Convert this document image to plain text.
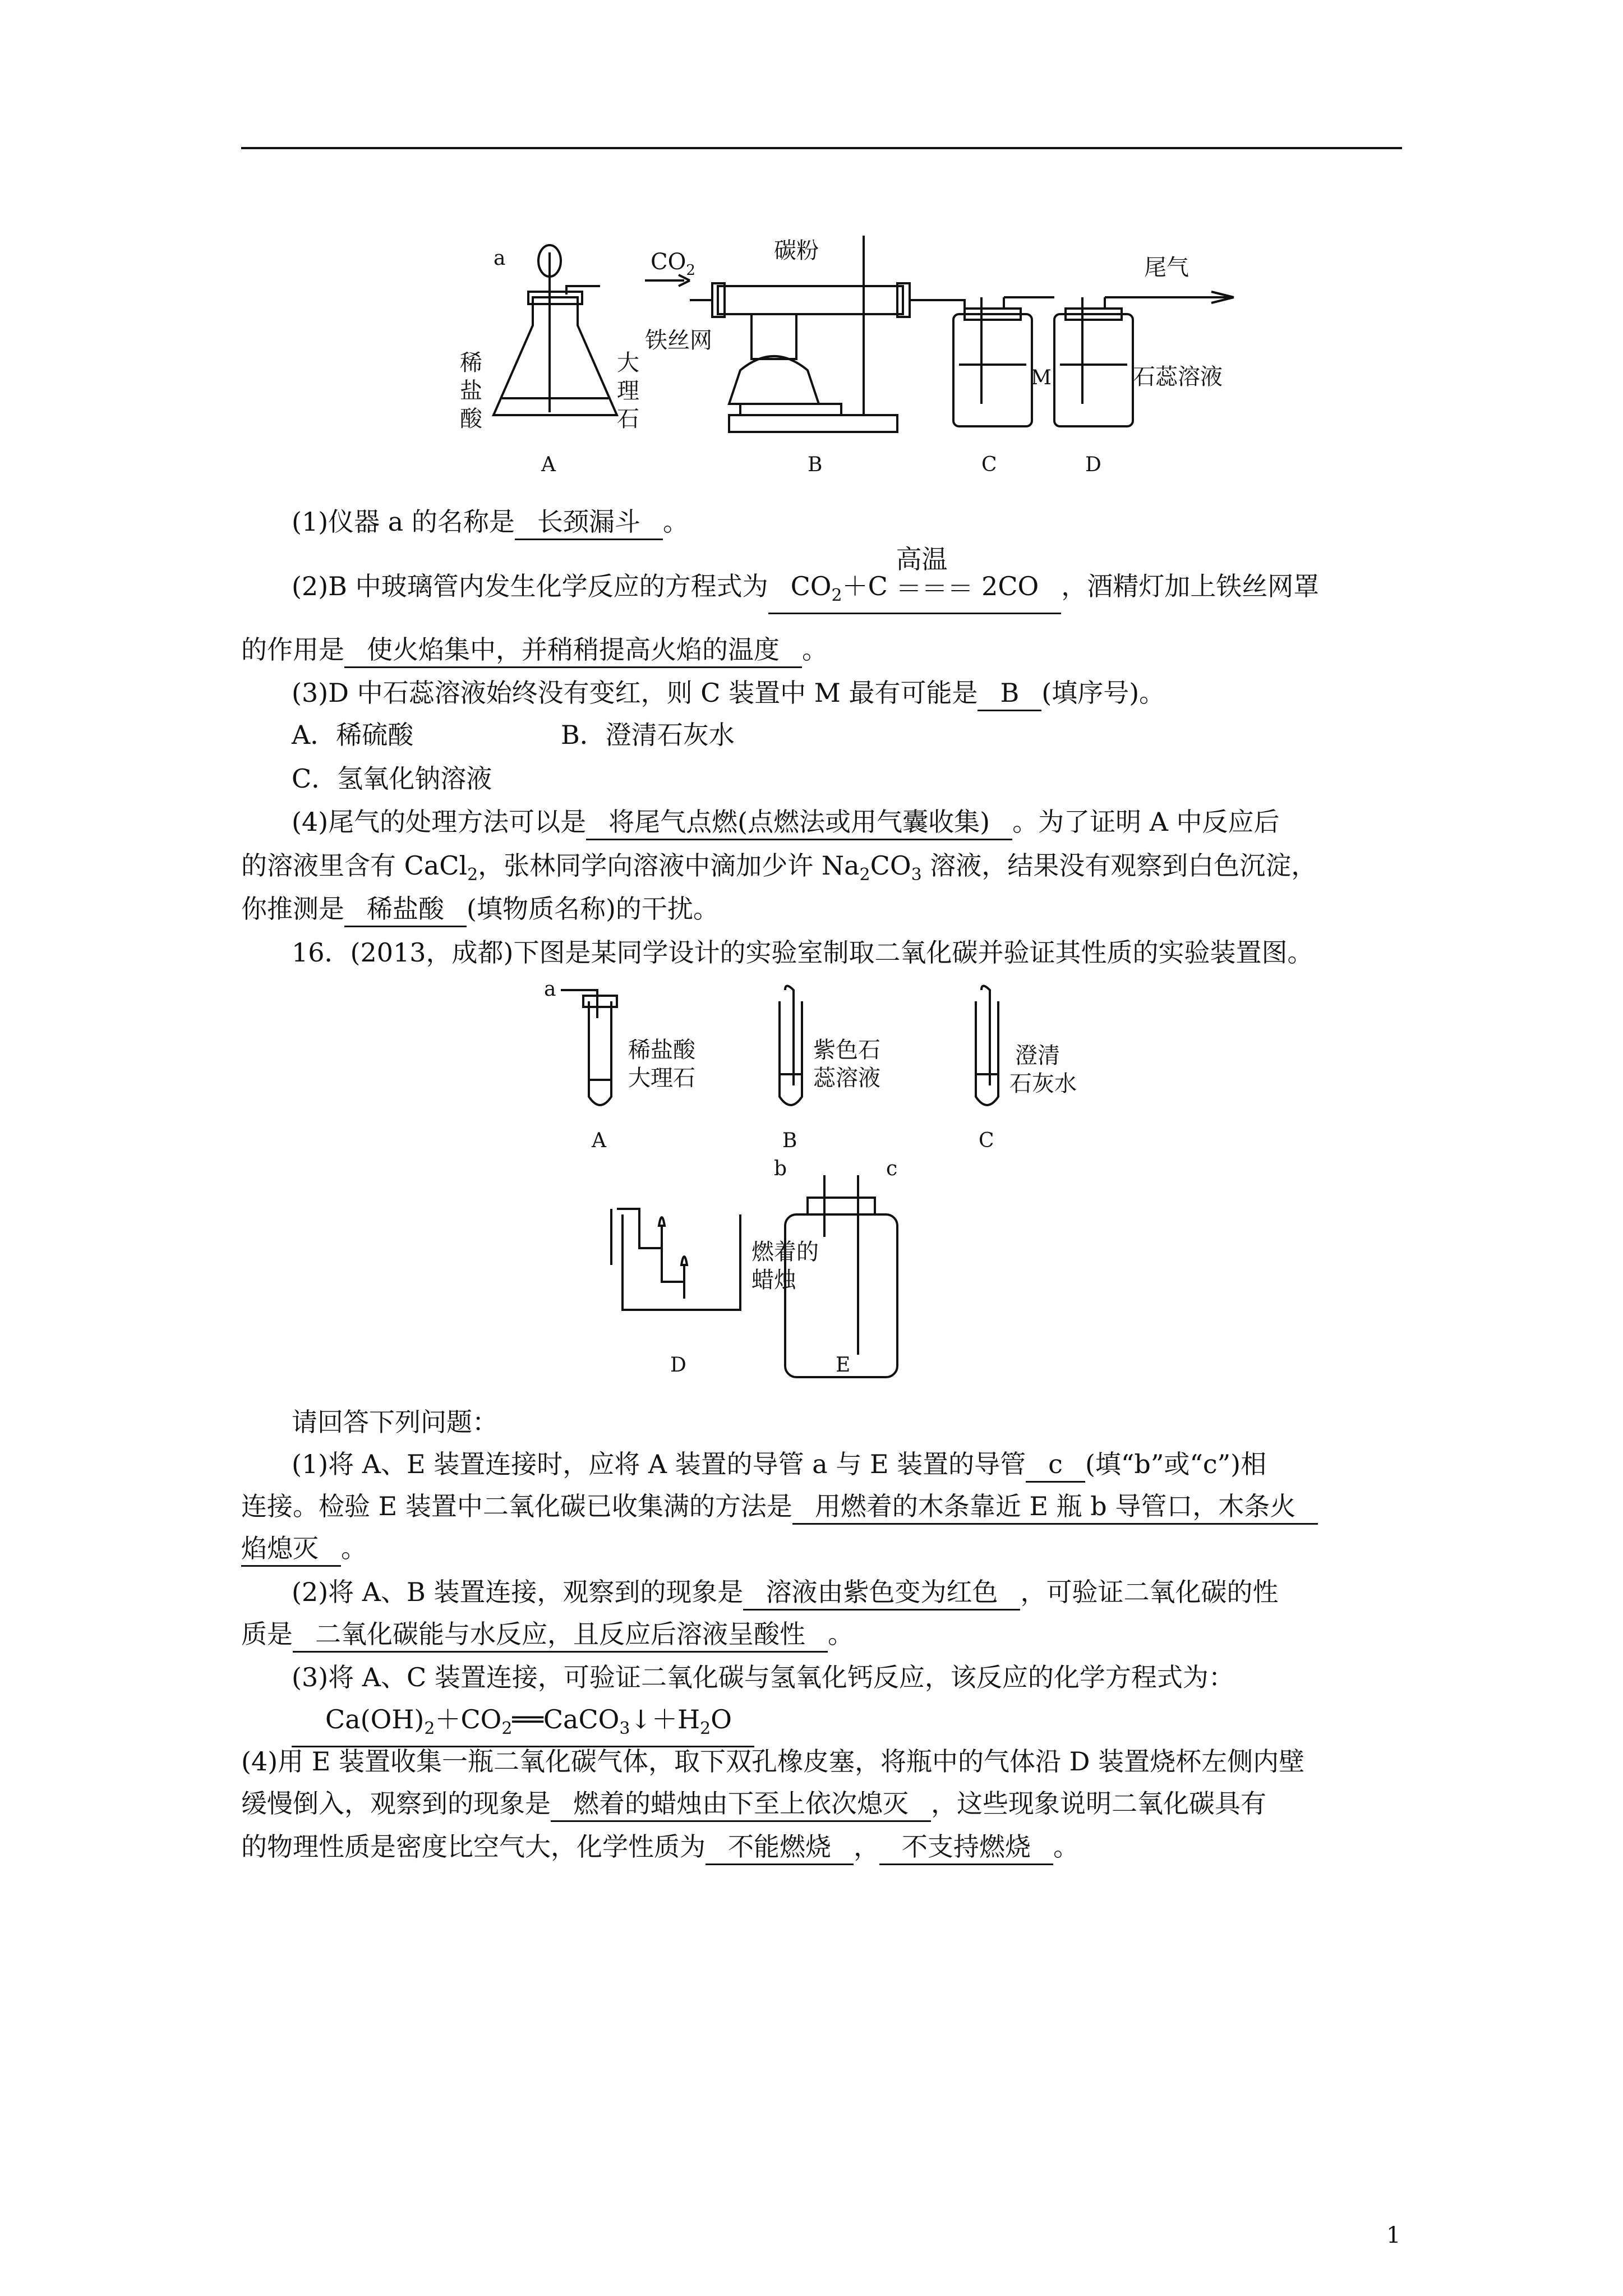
a	$CO_2$
碳粉
铁丝网
尾气
M	石蕊溶液
稀
盐
酸
大
理
石
A	B	C	D
(1)仪器 a 的名称是 长颈漏斗 。
(2)B 中玻璃管内发生化学反应的方程式为 $CO_2+C$
高温
＝＝＝ 2CO ，酒精灯加上铁丝网罩
的作用是 使火焰集中，并稍稍提高火焰的温度 。
(3)D 中石蕊溶液始终没有变红，则 C 装置中 M 最有可能是 B (填序号)。
A．稀硫酸	B．澄清石灰水
C．氢氧化钠溶液
(4)尾气的处理方法可以是 将尾气点燃(点燃法或用气囊收集) 。为了证明 A 中反应后
的溶液里含有 CaCl$_2$，张林同学向溶液中滴加少许 $Na_2CO_3$ 溶液，结果没有观察到白色沉淀，
你推测是 稀盐酸 (填物质名称)的干扰。
16．(2013，成都)下图是某同学设计的实验室制取二氧化碳并验证其性质的实验装置图。
a
稀盐酸
大理石
紫色石
蕊溶液
澄清
石灰水
燃着的
蜡烛
b	c
A	B	C
D	E
请回答下列问题：
(1)将 A、E 装置连接时，应将 A 装置的导管 a 与 E 装置的导管 c (填“b”或“c”)相
连接。检验 E 装置中二氧化碳已收集满的方法是 用燃着的木条靠近 E 瓶 b 导管口，木条火
焰熄灭 。
(2)将 A、B 装置连接，观察到的现象是 溶液由紫色变为红色 ，可验证二氧化碳的性
质是 二氧化碳能与水反应，且反应后溶液呈酸性 。
(3)将 A、C 装置连接，可验证二氧化碳与氢氧化钙反应，该反应的化学方程式为：
$Ca(OH)_2+CO_2══CaCO_3↓+H_2O$
(4)用 E 装置收集一瓶二氧化碳气体，取下双孔橡皮塞，将瓶中的气体沿 D 装置烧杯左侧内壁
缓慢倒入，观察到的现象是 燃着的蜡烛由下至上依次熄灭 ，这些现象说明二氧化碳具有
的物理性质是密度比空气大，化学性质为 不能燃烧 ， 不支持燃烧 。
1
